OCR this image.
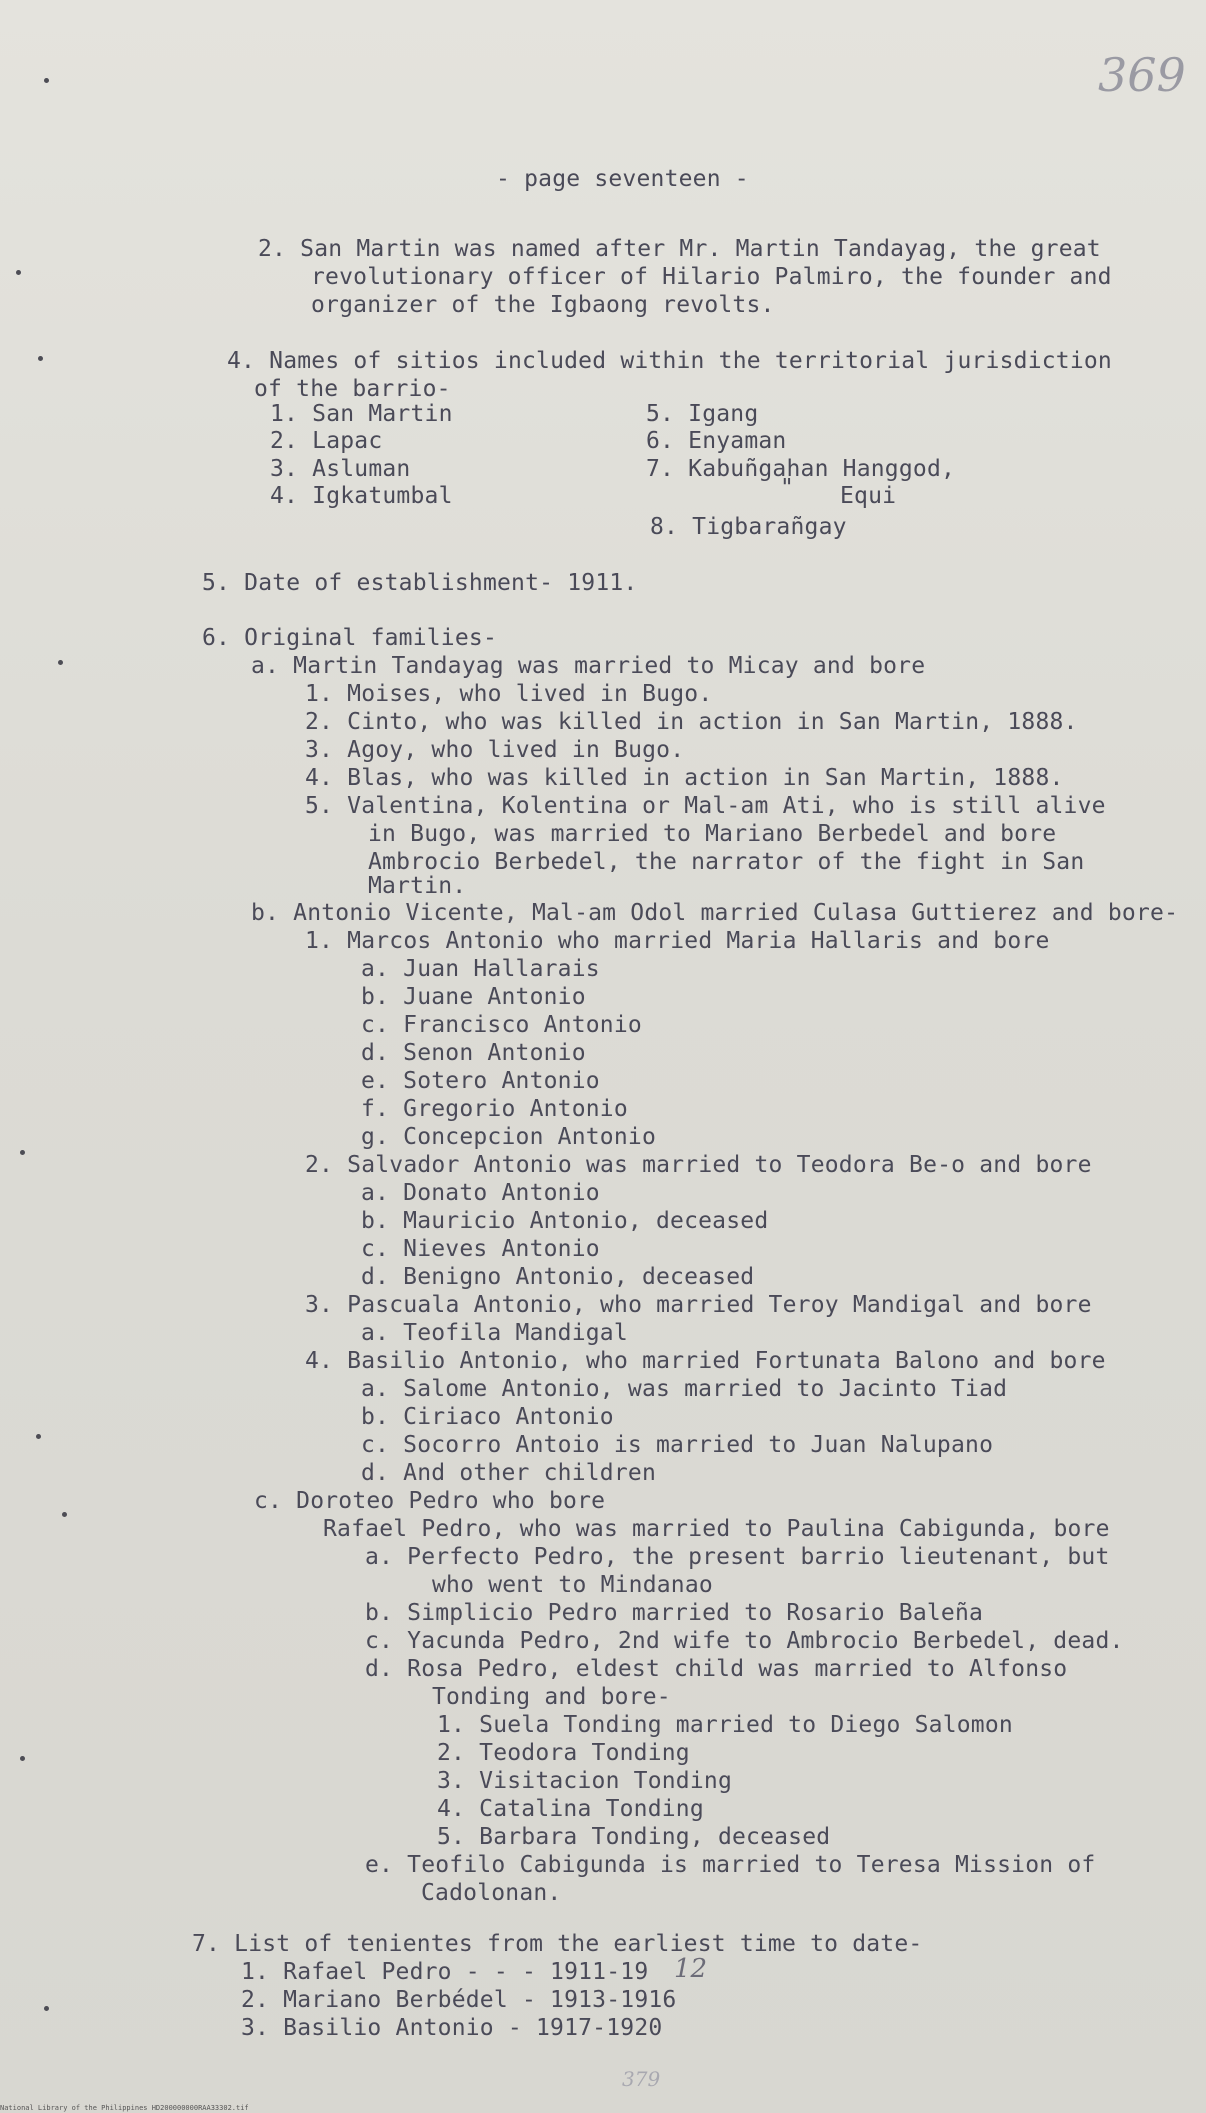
369
- page seventeen -
2. San Martin was named after Mr. Martin Tandayag, the great
revolutionary officer of Hilario Palmiro, the founder and
organizer of the Igbaong revolts.
4. Names of sitios included within the territorial jurisdiction
of the barrio-
1. San Martin
2. Lapac
3. Asluman
4. Igkatumbal
5. Igang
6. Enyaman
7. Kabuñgahan Hanggod,
" Equi
8. Tigbarañgay
5. Date of establishment- 1911.
6. Original families-
a. Martin Tandayag was married to Micay and bore
1. Moises, who lived in Bugo.
2. Cinto, who was killed in action in San Martin, 1888.
3. Agoy, who lived in Bugo.
4. Blas, who was killed in action in San Martin, 1888.
5. Valentina, Kolentina or Mal-am Ati, who is still alive
in Bugo, was married to Mariano Berbedel and bore
Ambrocio Berbedel, the narrator of the fight in San
Martin.
b. Antonio Vicente, Mal-am Odol married Culasa Guttierez and bore-
1. Marcos Antonio who married Maria Hallaris and bore
a. Juan Hallarais
b. Juane Antonio
c. Francisco Antonio
d. Senon Antonio
e. Sotero Antonio
f. Gregorio Antonio
g. Concepcion Antonio
2. Salvador Antonio was married to Teodora Be-o and bore
a. Donato Antonio
b. Mauricio Antonio, deceased
c. Nieves Antonio
d. Benigno Antonio, deceased
3. Pascuala Antonio, who married Teroy Mandigal and bore
a. Teofila Mandigal
4. Basilio Antonio, who married Fortunata Balono and bore
a. Salome Antonio, was married to Jacinto Tiad
b. Ciriaco Antonio
c. Socorro Antoio is married to Juan Nalupano
d. And other children
c. Doroteo Pedro who bore
Rafael Pedro, who was married to Paulina Cabigunda, bore
a. Perfecto Pedro, the present barrio lieutenant, but
who went to Mindanao
b. Simplicio Pedro married to Rosario Baleña
c. Yacunda Pedro, 2nd wife to Ambrocio Berbedel, dead.
d. Rosa Pedro, eldest child was married to Alfonso
Tonding and bore-
1. Suela Tonding married to Diego Salomon
2. Teodora Tonding
3. Visitacion Tonding
4. Catalina Tonding
5. Barbara Tonding, deceased
e. Teofilo Cabigunda is married to Teresa Mission of
Cadolonan.
7. List of tenientes from the earliest time to date-
1. Rafael Pedro - - - 1911-19 12
2. Mariano Berbédel - 1913-1916
3. Basilio Antonio - 1917-1920
379
National Library of the Philippines HD200000000RAA33302.tif
